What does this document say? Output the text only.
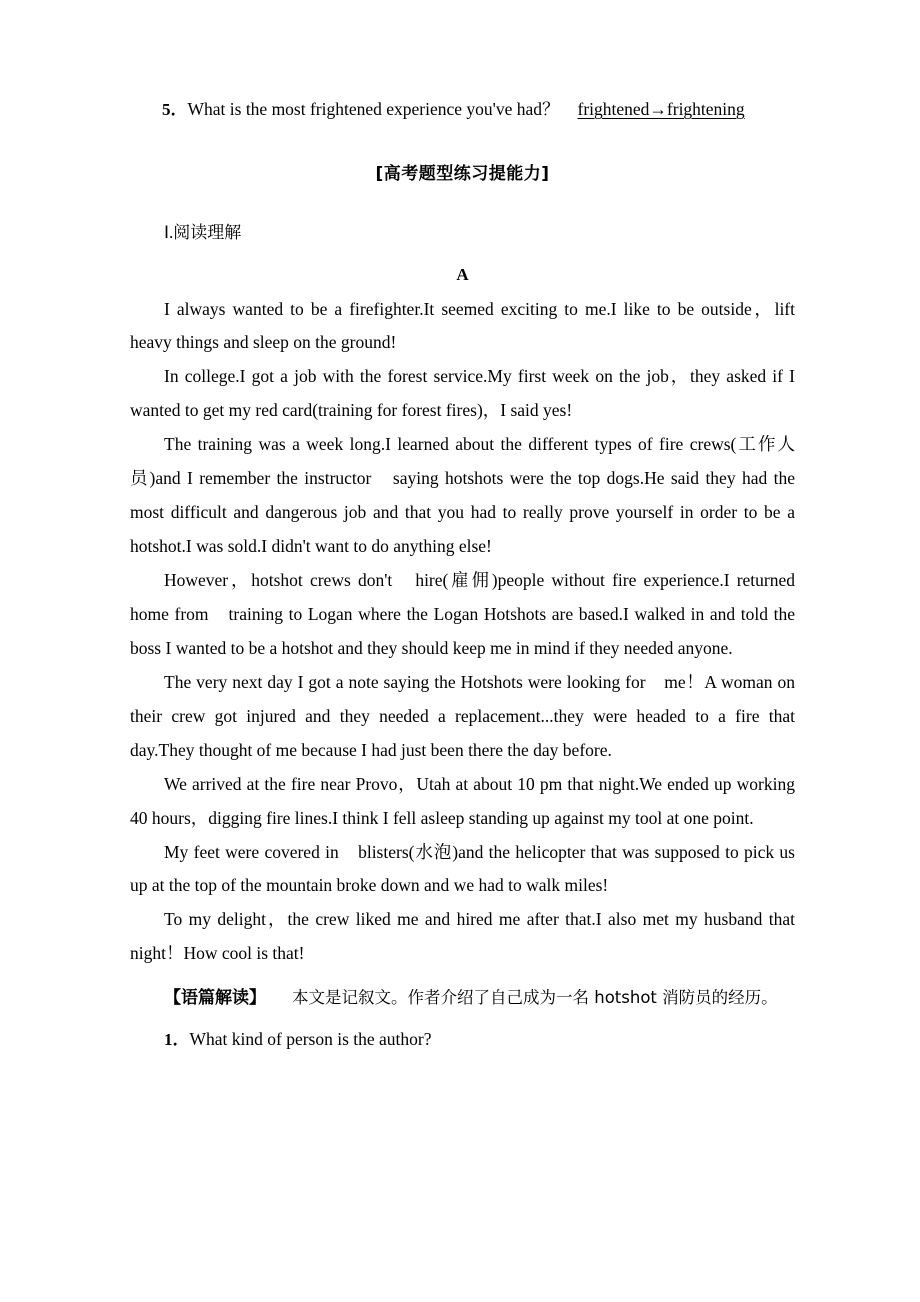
5．What is the most frightened experience you've had？ frightened→frightening
[高考题型练习提能力]
Ⅰ.阅读理解
A

I always wanted to be a firefighter.It seemed exciting to me.I like to be outside，lift heavy things and sleep on the ground!

In college.I got a job with the forest service.My first week on the job，they asked if I wanted to get my red card(training for forest fires)，I said yes!

The training was a week long.I learned about the different types of fire crews(工作人员)and I remember the instructor　saying hotshots were the top dogs.He said they had the most difficult and dangerous job and that you had to really prove yourself in order to be a hotshot.I was sold.I didn't want to do anything else!

However，hotshot crews don't　hire(雇佣)people without fire experience.I returned home from　training to Logan where the Logan Hotshots are based.I walked in and told the boss I wanted to be a hotshot and they should keep me in mind if they needed anyone.

The very next day I got a note saying the Hotshots were looking for　me！A woman on their crew got injured and they needed a replacement...they were headed to a fire that day.They thought of me because I had just been there the day before.

We arrived at the fire near Provo，Utah at about 10 pm that night.We ended up working 40 hours，digging fire lines.I think I fell asleep standing up against my tool at one point.

My feet were covered in　blisters(水泡)and the helicopter that was supposed to pick us up at the top of the mountain broke down and we had to walk miles!

To my delight，the crew liked me and hired me after that.I also met my husband that night！How cool is that!

【语篇解读】 本文是记叙文。作者介绍了自己成为一名 hotshot 消防员的经历。

1．What kind of person is the author?
